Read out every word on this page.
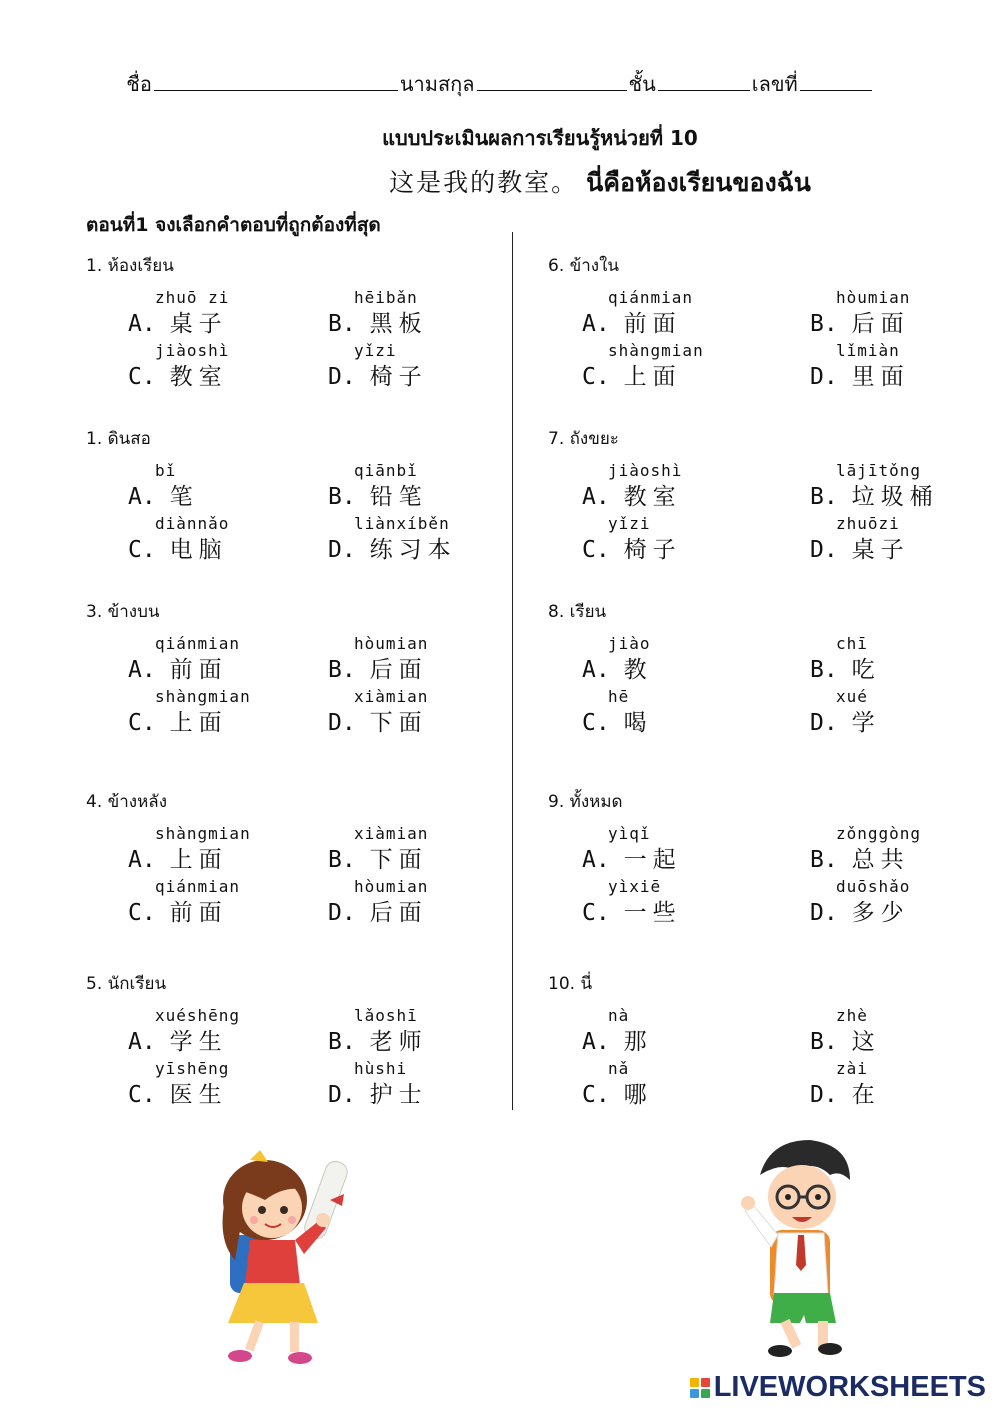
ชื่อ	นามสกุล	ชั้น	เลขที่
แบบประเมินผลการเรียนรู้หน่วยที่ 10
这是我的教室。 นี่คือห้องเรียนของฉัน
ตอนที่1 จงเลือกคำตอบที่ถูกต้องที่สุด
1. ห้องเรียน
zhuō zi
A. 桌子
hēibǎn
B. 黑板
jiàoshì
C. 教室
yǐzi
D. 椅子
1. ดินสอ
bǐ
A. 笔
qiānbǐ
B. 铅笔
diànnǎo
C. 电脑
liànxíběn
D. 练习本
3. ข้างบน
qiánmian
A. 前面
hòumian
B. 后面
shàngmian
C. 上面
xiàmian
D. 下面
4. ข้างหลัง
shàngmian
A. 上面
xiàmian
B. 下面
qiánmian
C. 前面
hòumian
D. 后面
5. นักเรียน
xuéshēng
A. 学生
lǎoshī
B. 老师
yīshēng
C. 医生
hùshi
D. 护士
6. ข้างใน
qiánmian
A. 前面
hòumian
B. 后面
shàngmian
C. 上面
lǐmiàn
D. 里面
7. ถังขยะ
jiàoshì
A. 教室
lājītǒng
B. 垃圾桶
yǐzi
C. 椅子
zhuōzi
D. 桌子
8. เรียน
jiào
A. 教
chī
B. 吃
hē
C. 喝
xué
D. 学
9. ทั้งหมด
yìqǐ
A. 一起
zǒnggòng
B. 总共
yìxiē
C. 一些
duōshǎo
D. 多少
10. นี่
nà
A. 那
zhè
B. 这
nǎ
C. 哪
zài
D. 在
LIVEWORKSHEETS
